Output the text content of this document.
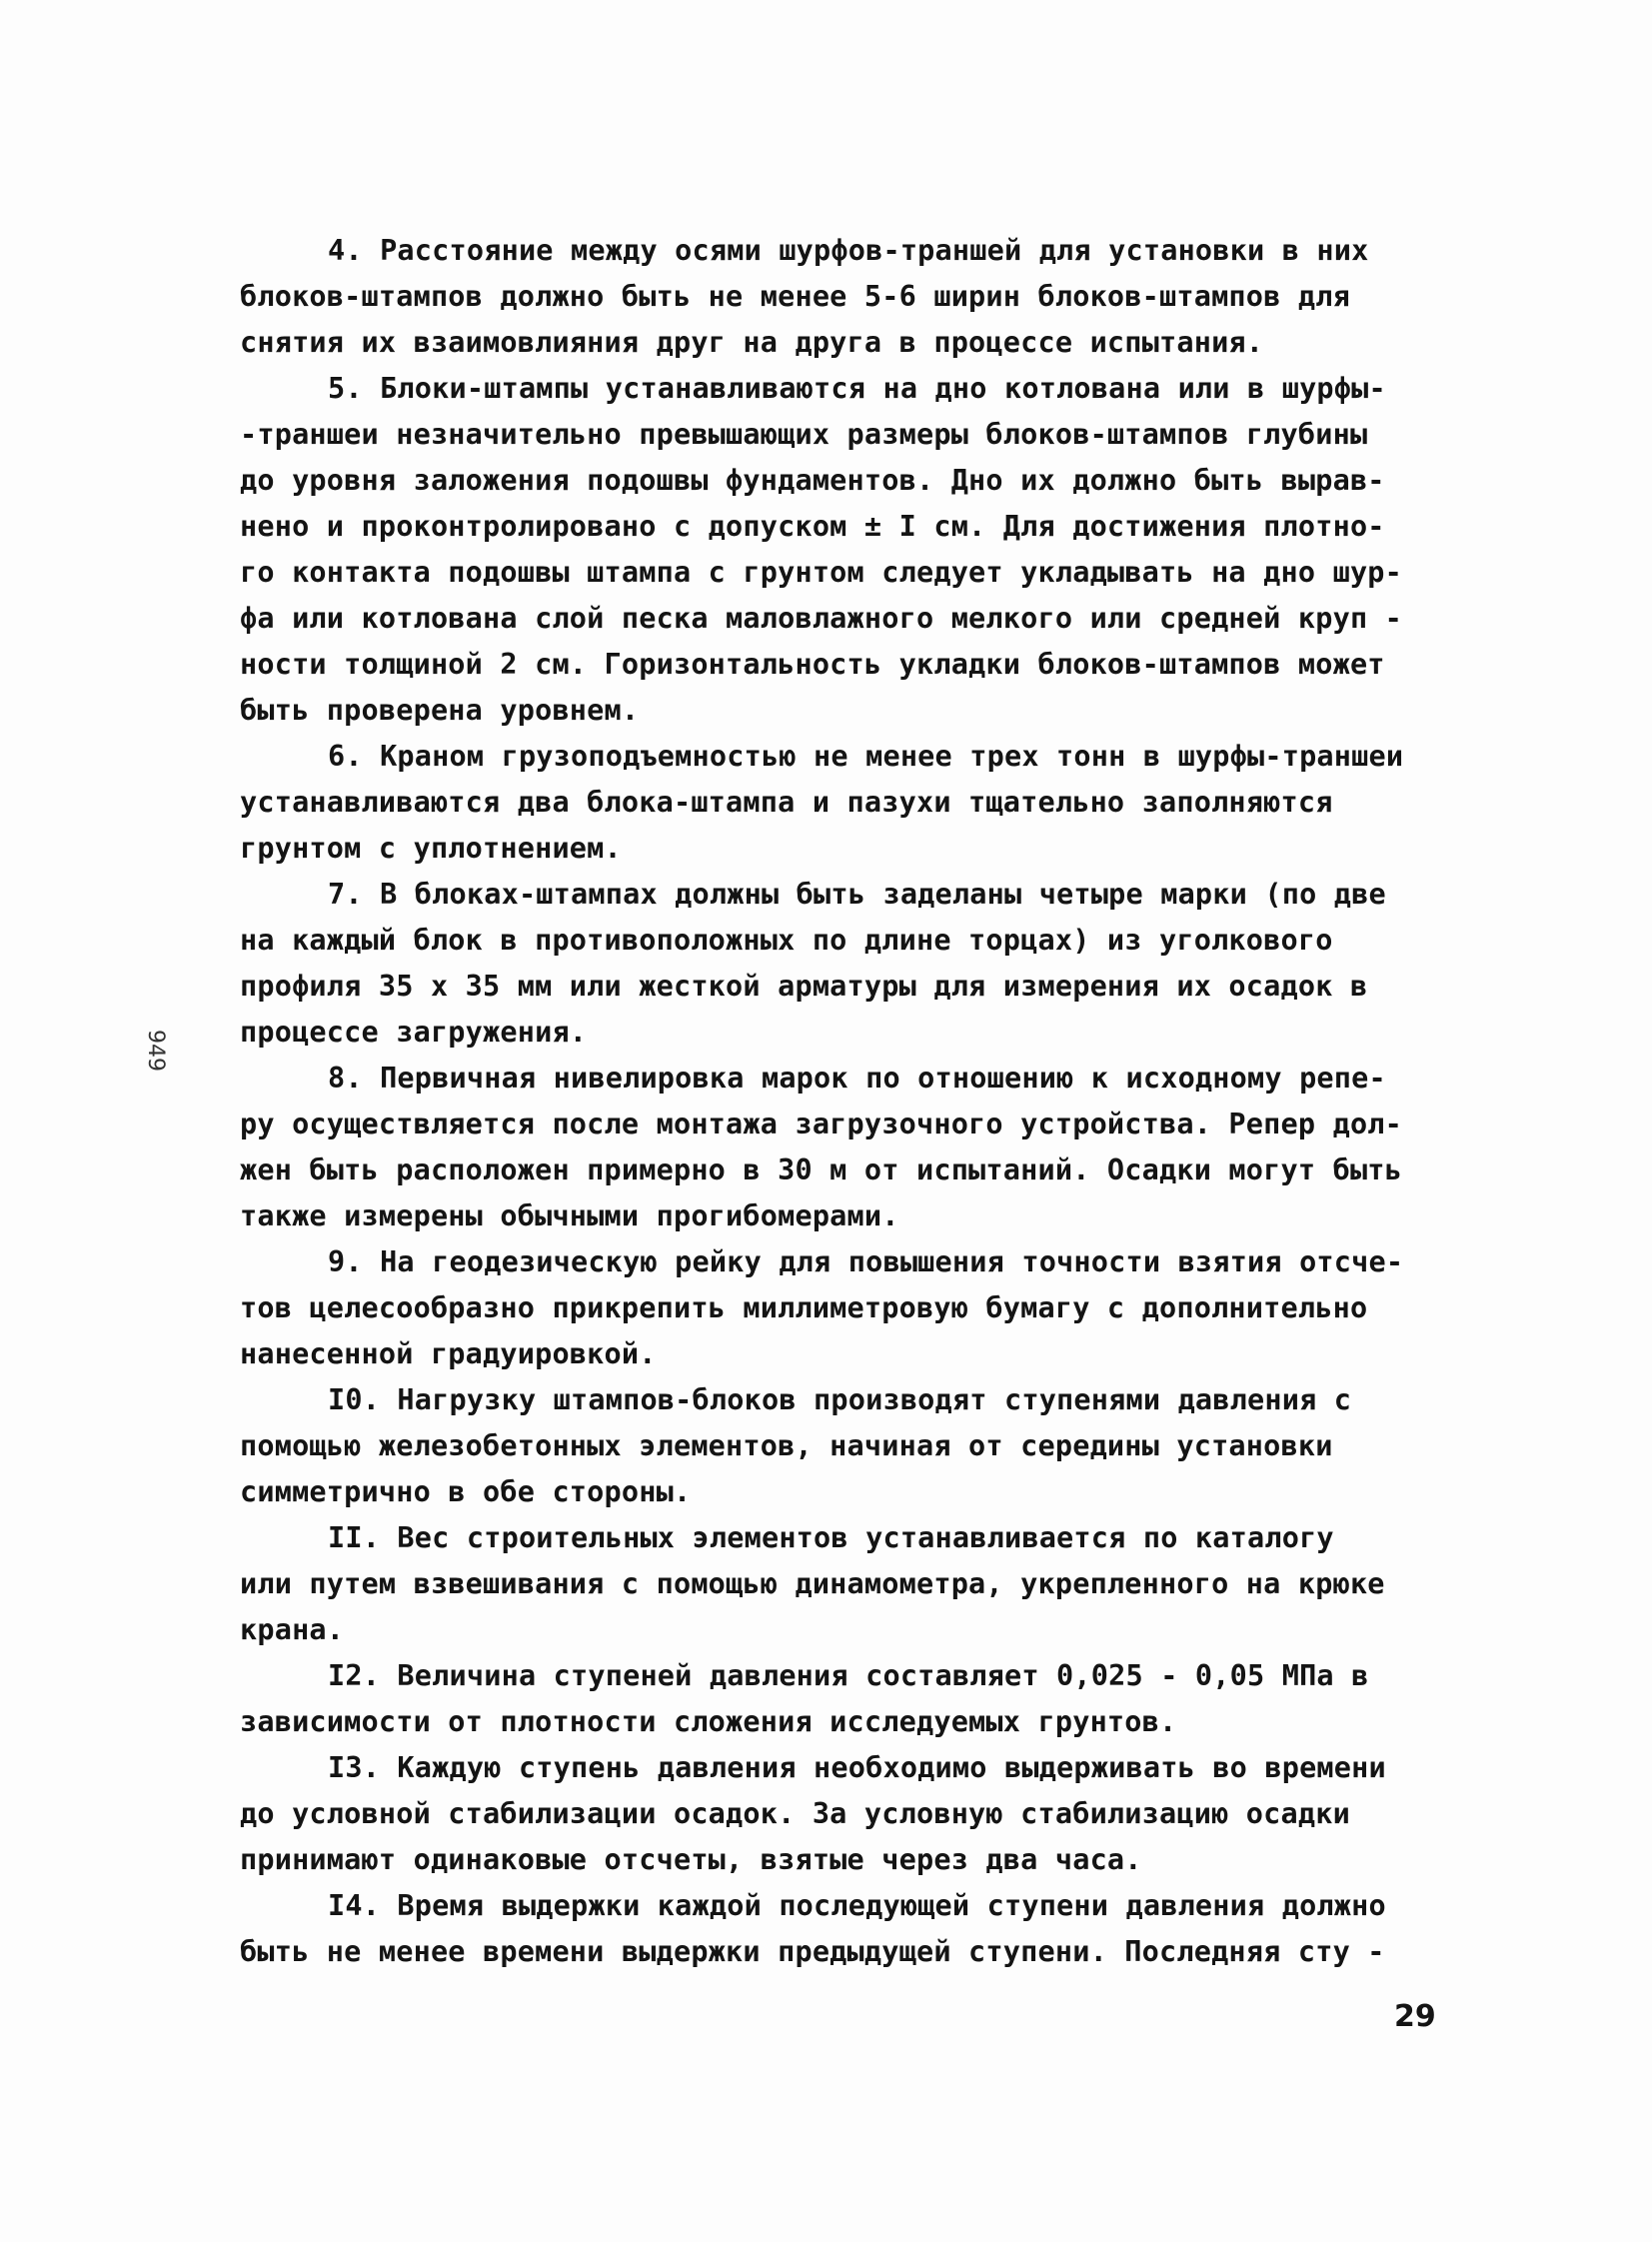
949
4. Расстояние между осями шурфов-траншей для установки в них
блоков-штампов должно быть не менее 5-6 ширин блоков-штампов для
снятия их взаимовлияния друг на друга в процессе испытания.
5. Блоки-штампы устанавливаются на дно котлована или в шурфы-
-траншеи незначительно превышающих размеры блоков-штампов глубины
до уровня заложения подошвы фундаментов. Дно их должно быть вырав-
нено и проконтролировано с допуском ± I см. Для достижения плотно-
го контакта подошвы штампа с грунтом следует укладывать на дно шур-
фа или котлована слой песка маловлажного мелкого или средней круп -
ности толщиной 2 см. Горизонтальность укладки блоков-штампов может
быть проверена уровнем.
6. Краном грузоподъемностью не менее трех тонн в шурфы-траншеи
устанавливаются два блока-штампа и пазухи тщательно заполняются
грунтом с уплотнением.
7. В блоках-штампах должны быть заделаны четыре марки (по две
на каждый блок в противоположных по длине торцах) из уголкового
профиля 35 х 35 мм или жесткой арматуры для измерения их осадок в
процессе загружения.
8. Первичная нивелировка марок по отношению к исходному репе-
ру осуществляется после монтажа загрузочного устройства. Репер дол-
жен быть расположен примерно в 30 м от испытаний. Осадки могут быть
также измерены обычными прогибомерами.
9. На геодезическую рейку для повышения точности взятия отсче-
тов целесообразно прикрепить миллиметровую бумагу с дополнительно
нанесенной градуировкой.
I0. Нагрузку штампов-блоков производят ступенями давления с
помощью железобетонных элементов, начиная от середины установки
симметрично в обе стороны.
II. Вес строительных элементов устанавливается по каталогу
или путем взвешивания с помощью динамометра, укрепленного на крюке
крана.
I2. Величина ступеней давления составляет 0,025 - 0,05 МПа в
зависимости от плотности сложения исследуемых грунтов.
I3. Каждую ступень давления необходимо выдерживать во времени
до условной стабилизации осадок. За условную стабилизацию осадки
принимают одинаковые отсчеты, взятые через два часа.
I4. Время выдержки каждой последующей ступени давления должно
быть не менее времени выдержки предыдущей ступени. Последняя сту -
29
